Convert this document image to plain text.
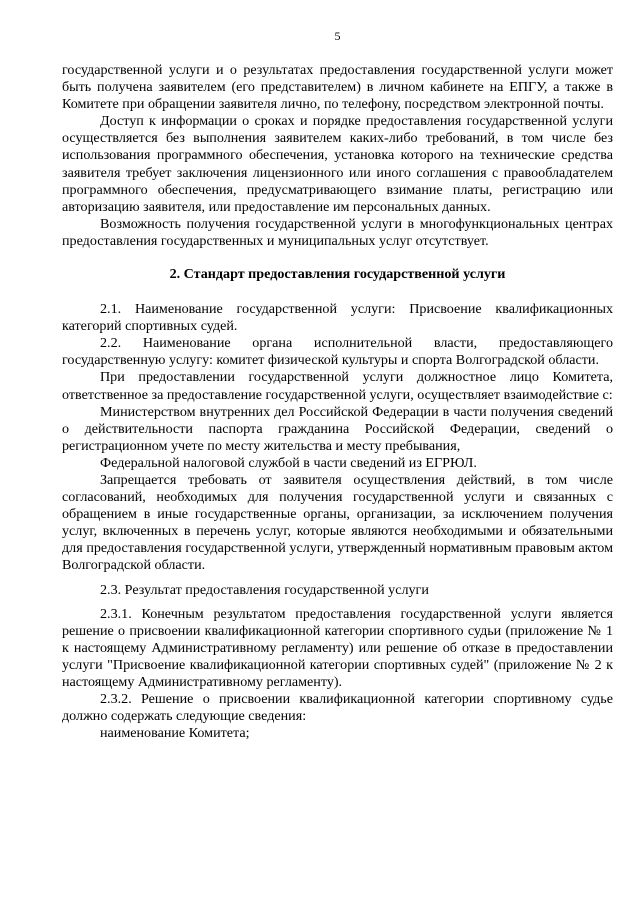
5

государственной услуги и о результатах предоставления государственной услуги может быть получена заявителем (его представителем) в личном кабинете на ЕПГУ, а также в Комитете при обращении заявителя лично, по телефону, посредством электронной почты.

Доступ к информации о сроках и порядке предоставления государственной услуги осуществляется без выполнения заявителем каких-либо требований, в том числе без использования программного обеспечения, установка которого на технические средства заявителя требует заключения лицензионного или иного соглашения с правообладателем программного обеспечения, предусматривающего взимание платы, регистрацию или авторизацию заявителя, или предоставление им персональных данных.

Возможность получения государственной услуги в многофункциональных центрах предоставления государственных и муниципальных услуг отсутствует.

2. Стандарт предоставления государственной услуги

2.1. Наименование государственной услуги: Присвоение квалификационных категорий спортивных судей.

2.2. Наименование органа исполнительной власти, предоставляющего государственную услугу: комитет физической культуры и спорта Волгоградской области.

При предоставлении государственной услуги должностное лицо Комитета, ответственное за предоставление государственной услуги, осуществляет взаимодействие с:

Министерством внутренних дел Российской Федерации в части получения сведений о действительности паспорта гражданина Российской Федерации, сведений о регистрационном учете по месту жительства и месту пребывания,

Федеральной налоговой службой в части сведений из ЕГРЮЛ.

Запрещается требовать от заявителя осуществления действий, в том числе согласований, необходимых для получения государственной услуги и связанных с обращением в иные государственные органы, организации, за исключением получения услуг, включенных в перечень услуг, которые являются необходимыми и обязательными для предоставления государственной услуги, утвержденный нормативным правовым актом Волгоградской области.

2.3. Результат предоставления государственной услуги

2.3.1. Конечным результатом предоставления государственной услуги является решение о присвоении квалификационной категории спортивного судьи (приложение № 1 к настоящему Административному регламенту) или решение об отказе в предоставлении услуги "Присвоение квалификационной категории спортивных судей" (приложение № 2 к настоящему Административному регламенту).

2.3.2. Решение о присвоении квалификационной категории спортивному судье должно содержать следующие сведения:

наименование Комитета;
